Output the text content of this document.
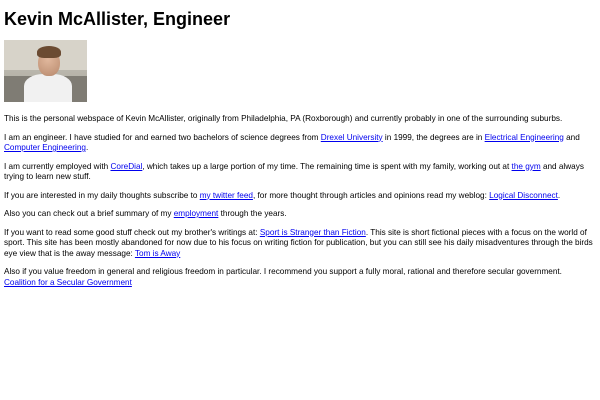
Kevin McAllister, Engineer

This is the personal webspace of Kevin McAllister, originally from Philadelphia, PA (Roxborough) and currently probably in one of the surrounding suburbs.

I am an engineer. I have studied for and earned two bachelors of science degrees from Drexel University in 1999, the degrees are in Electrical Engineering and Computer Engineering.

I am currently employed with CoreDial, which takes up a large portion of my time. The remaining time is spent with my family, working out at the gym and always trying to learn new stuff.

If you are interested in my daily thoughts subscribe to my twitter feed, for more thought through articles and opinions read my weblog: Logical Disconnect.

Also you can check out a brief summary of my employment through the years.

If you want to read some good stuff check out my brother's writings at: Sport is Stranger than Fiction. This site is short fictional pieces with a focus on the world of sport. This site has been mostly abandoned for now due to his focus on writing fiction for publication, but you can still see his daily misadventures through the birds eye view that is the away message: Tom is Away

Also if you value freedom in general and religious freedom in particular. I recommend you support a fully moral, rational and therefore secular government. Coalition for a Secular Government
